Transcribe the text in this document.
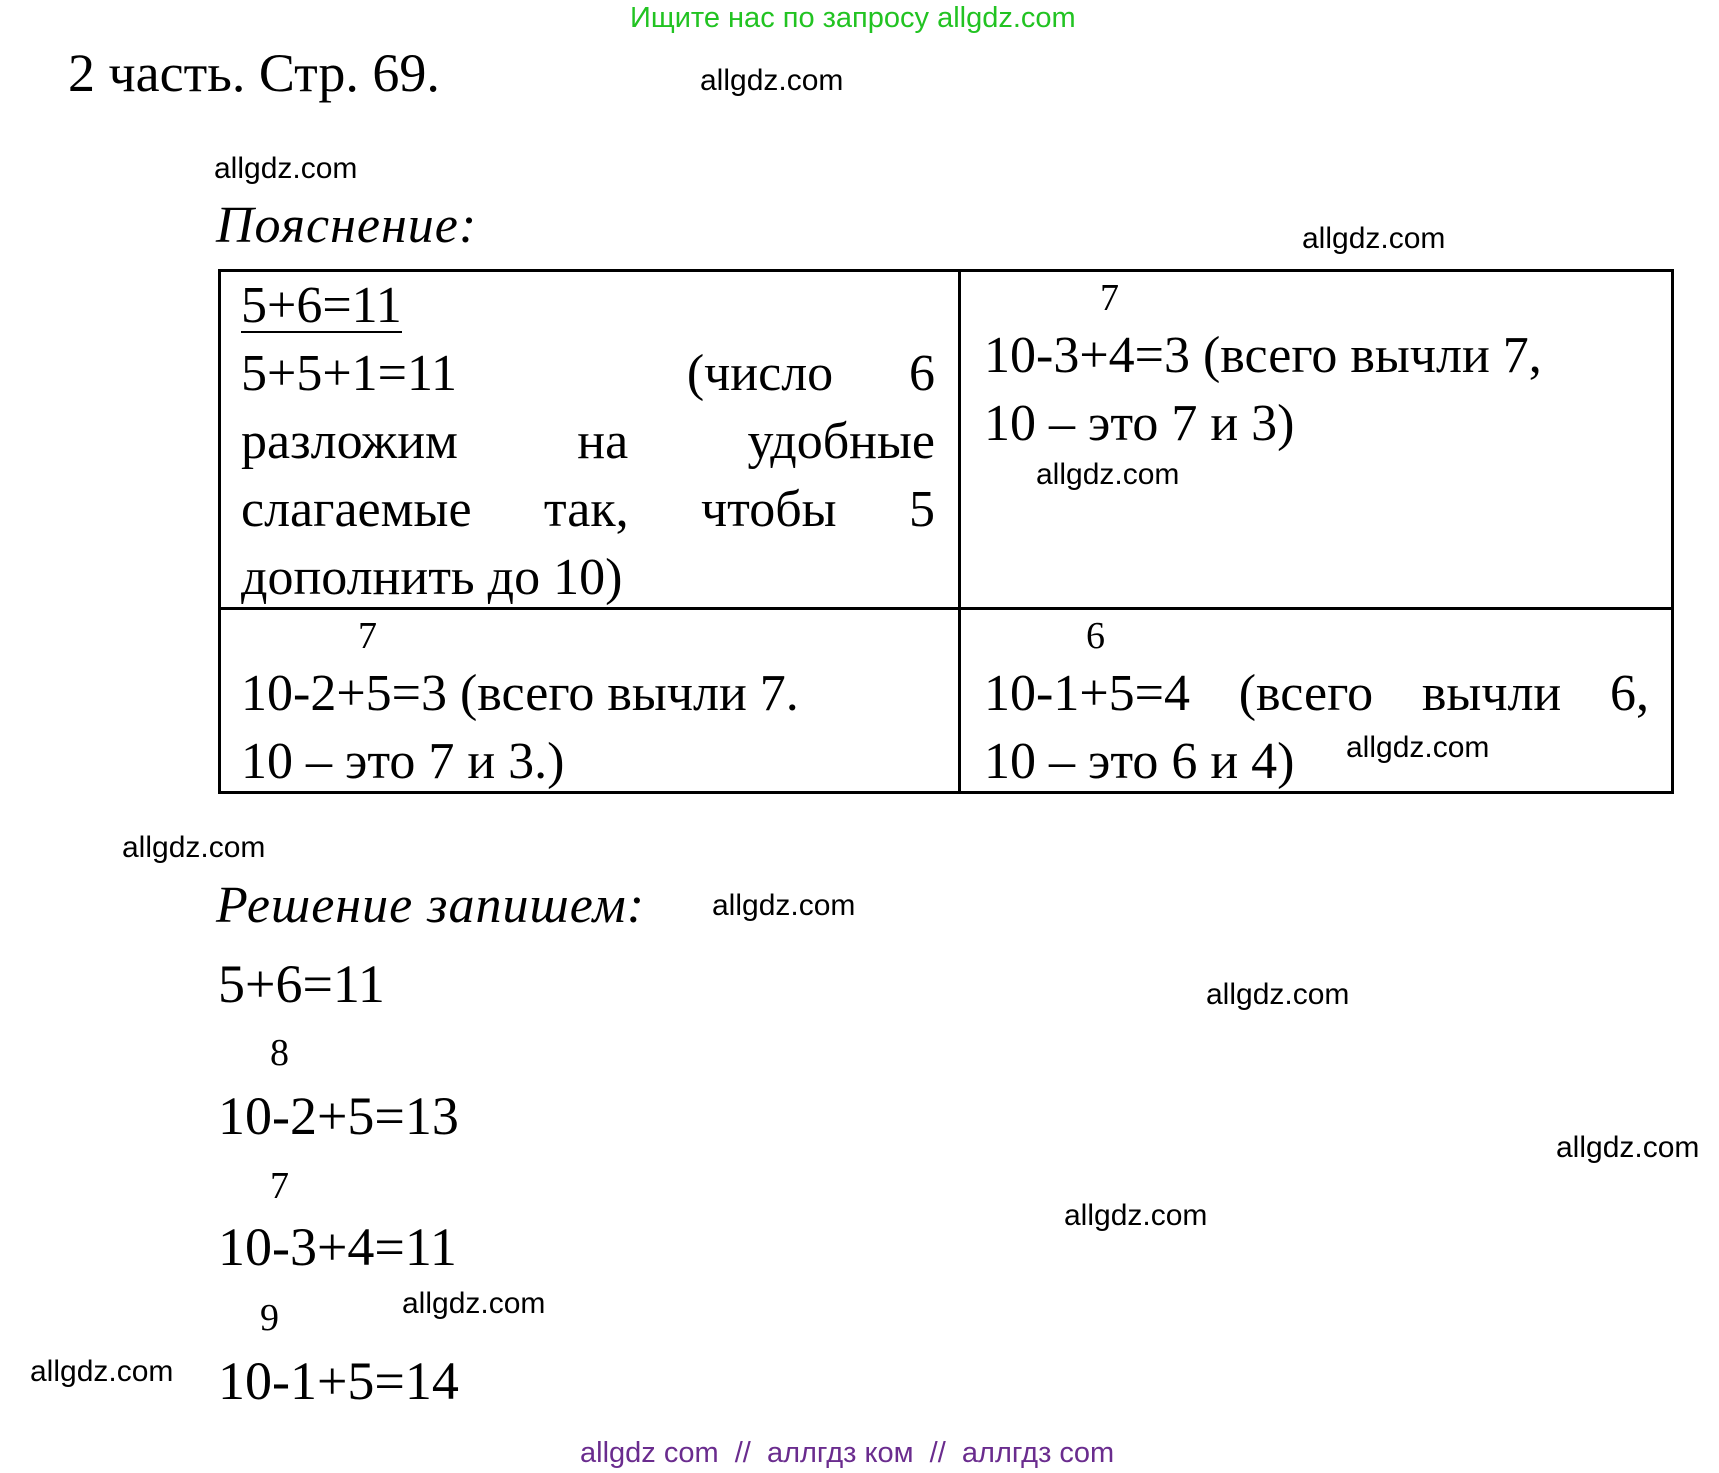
Ищите нас по запросу allgdz.com
2 часть. Стр. 69.	allgdz.com
allgdz.com
allgdz.com
allgdz.com
allgdz.com
allgdz.com
allgdz.com
allgdz.com
allgdz.com
allgdz.com
allgdz.com
allgdz.com
Пояснение:
5+6=11
5+5+1=11	(число 6
разложим на удобные
слагаемые так, чтобы 5
дополнить до 10)
7
10-3+4=3 (всего вычли 7,
10 – это 7 и 3)
7
10-2+5=3 (всего вычли 7.
10 – это 7 и 3.)
6
10-1+5=4 (всего вычли 6,
10 – это 6 и 4)
Решение запишем:
5+6=11
8
10-2+5=13
7
10-3+4=11
9
10-1+5=14
allgdz com  //  аллгдз ком  //  аллгдз com
